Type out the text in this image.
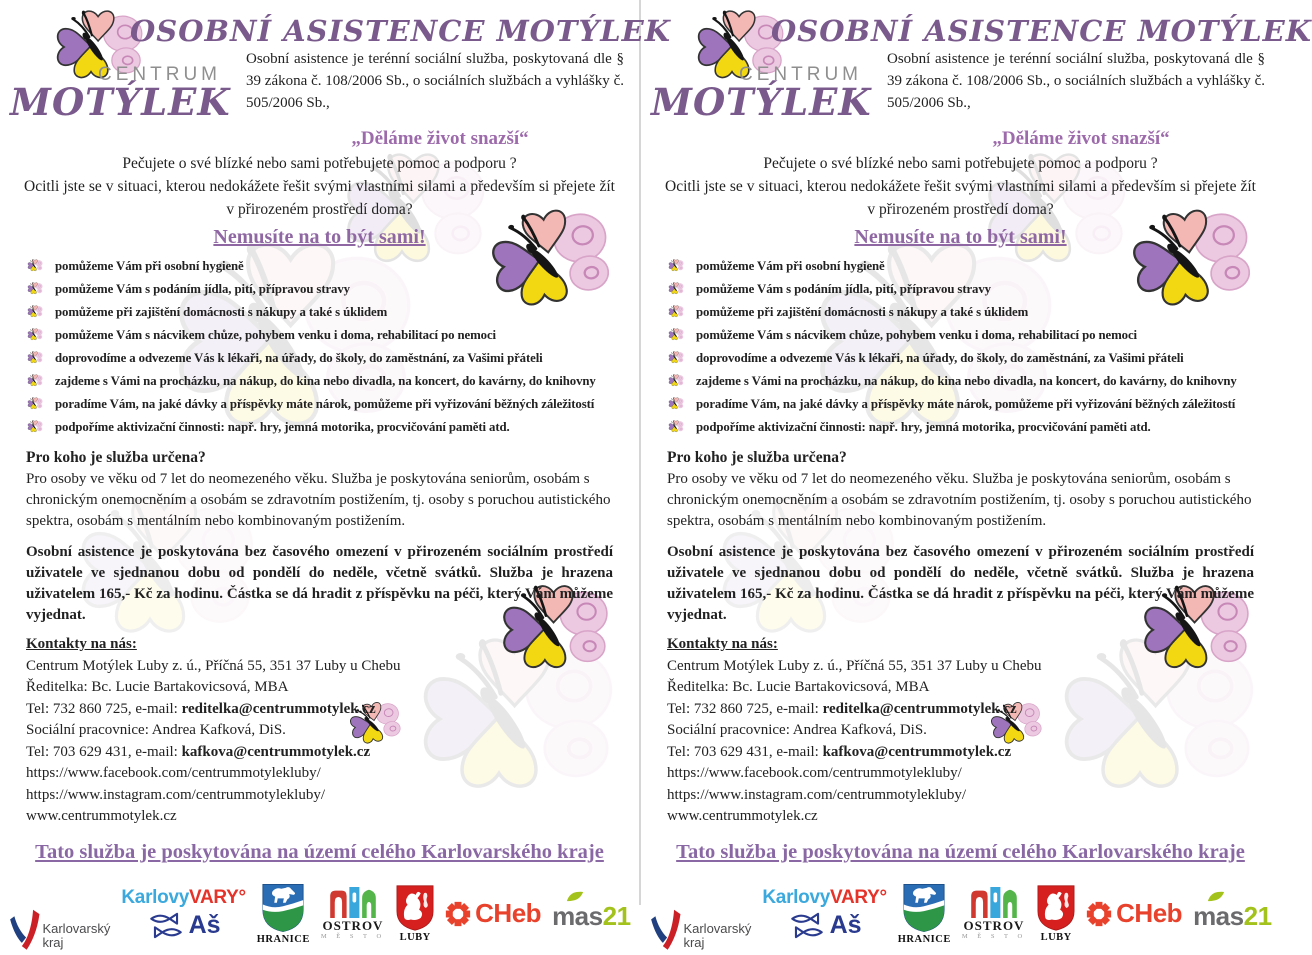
CENTRUM
MOTÝLEK
OSOBNÍ ASISTENCE MOTÝLEK

Osobní asistence je terénní sociální služba, poskytovaná dle § 39 zákona č. 108/2006 Sb., o sociálních službách a vyhlášky č. 505/2006 Sb.,

„Děláme život snazší“

Pečujete o své blízké nebo sami potřebujete pomoc a podporu ?

Ocitli jste se v situaci, kterou nedokážete řešit svými vlastními silami a především si přejete žít v přirozeném prostředí doma?

Nemusíte na to být sami!
pomůžeme Vám při osobní hygieně
pomůžeme Vám s podáním jídla, pití, přípravou stravy
pomůžeme při zajištění domácnosti s nákupy a také s úklidem
pomůžeme Vám s nácvikem chůze, pohybem venku i doma, rehabilitací po nemoci
doprovodíme a odvezeme Vás k lékaři, na úřady, do školy, do zaměstnání, za Vašimi přáteli
zajdeme s Vámi na procházku, na nákup, do kina nebo divadla, na koncert, do kavárny, do knihovny
poradíme Vám, na jaké dávky a příspěvky máte nárok, pomůžeme při vyřizování běžných záležitostí
podpoříme aktivizační činnosti: např. hry, jemná motorika, procvičování paměti atd.
Pro koho je služba určena?

Pro osoby ve věku od 7 let do neomezeného věku. Služba je poskytována seniorům, osobám s chronickým onemocněním a osobám se zdravotním postižením, tj. osoby s poruchou autistického spektra, osobám s mentálním nebo kombinovaným postižením.

Osobní asistence je poskytována bez časového omezení v přirozeném sociálním prostředí uživatele ve sjednanou dobu od pondělí do neděle, včetně svátků. Služba je hrazena uživatelem 165,- Kč za hodinu. Částka se dá hradit z příspěvku na péči, který Vám můžeme vyjednat.

Kontakty na nás:
Centrum Motýlek Luby z. ú., Příčná 55, 351 37 Luby u Chebu
Ředitelka: Bc. Lucie Bartakovicsová, MBA
Tel: 732 860 725, e-mail: reditelka@centrummotylek.cz
Sociální pracovnice: Andrea Kafková, DiS.
Tel: 703 629 431, e-mail: kafkova@centrummotylek.cz
https://www.facebook.com/centrummotylekluby/
https://www.instagram.com/centrummotylekluby/
www.centrummotylek.cz
Tato služba je poskytována na území celého Karlovarského kraje
Karlovarský
kraj
KarlovyVARY°
Aš	HRANICE
OSTROV
M Ě S T O LUBY
CHeb mas 21
CENTRUM
MOTÝLEK
OSOBNÍ ASISTENCE MOTÝLEK

Osobní asistence je terénní sociální služba, poskytovaná dle § 39 zákona č. 108/2006 Sb., o sociálních službách a vyhlášky č. 505/2006 Sb.,

„Děláme život snazší“

Pečujete o své blízké nebo sami potřebujete pomoc a podporu ?

Ocitli jste se v situaci, kterou nedokážete řešit svými vlastními silami a především si přejete žít v přirozeném prostředí doma?

Nemusíte na to být sami!
pomůžeme Vám při osobní hygieně
pomůžeme Vám s podáním jídla, pití, přípravou stravy
pomůžeme při zajištění domácnosti s nákupy a také s úklidem
pomůžeme Vám s nácvikem chůze, pohybem venku i doma, rehabilitací po nemoci
doprovodíme a odvezeme Vás k lékaři, na úřady, do školy, do zaměstnání, za Vašimi přáteli
zajdeme s Vámi na procházku, na nákup, do kina nebo divadla, na koncert, do kavárny, do knihovny
poradíme Vám, na jaké dávky a příspěvky máte nárok, pomůžeme při vyřizování běžných záležitostí
podpoříme aktivizační činnosti: např. hry, jemná motorika, procvičování paměti atd.
Pro koho je služba určena?

Pro osoby ve věku od 7 let do neomezeného věku. Služba je poskytována seniorům, osobám s chronickým onemocněním a osobám se zdravotním postižením, tj. osoby s poruchou autistického spektra, osobám s mentálním nebo kombinovaným postižením.

Osobní asistence je poskytována bez časového omezení v přirozeném sociálním prostředí uživatele ve sjednanou dobu od pondělí do neděle, včetně svátků. Služba je hrazena uživatelem 165,- Kč za hodinu. Částka se dá hradit z příspěvku na péči, který Vám můžeme vyjednat.

Kontakty na nás:
Centrum Motýlek Luby z. ú., Příčná 55, 351 37 Luby u Chebu
Ředitelka: Bc. Lucie Bartakovicsová, MBA
Tel: 732 860 725, e-mail: reditelka@centrummotylek.cz
Sociální pracovnice: Andrea Kafková, DiS.
Tel: 703 629 431, e-mail: kafkova@centrummotylek.cz
https://www.facebook.com/centrummotylekluby/
https://www.instagram.com/centrummotylekluby/
www.centrummotylek.cz
Tato služba je poskytována na území celého Karlovarského kraje
Karlovarský
kraj
KarlovyVARY°
Aš	HRANICE
OSTROV
M Ě S T O LUBY
CHeb mas 21
